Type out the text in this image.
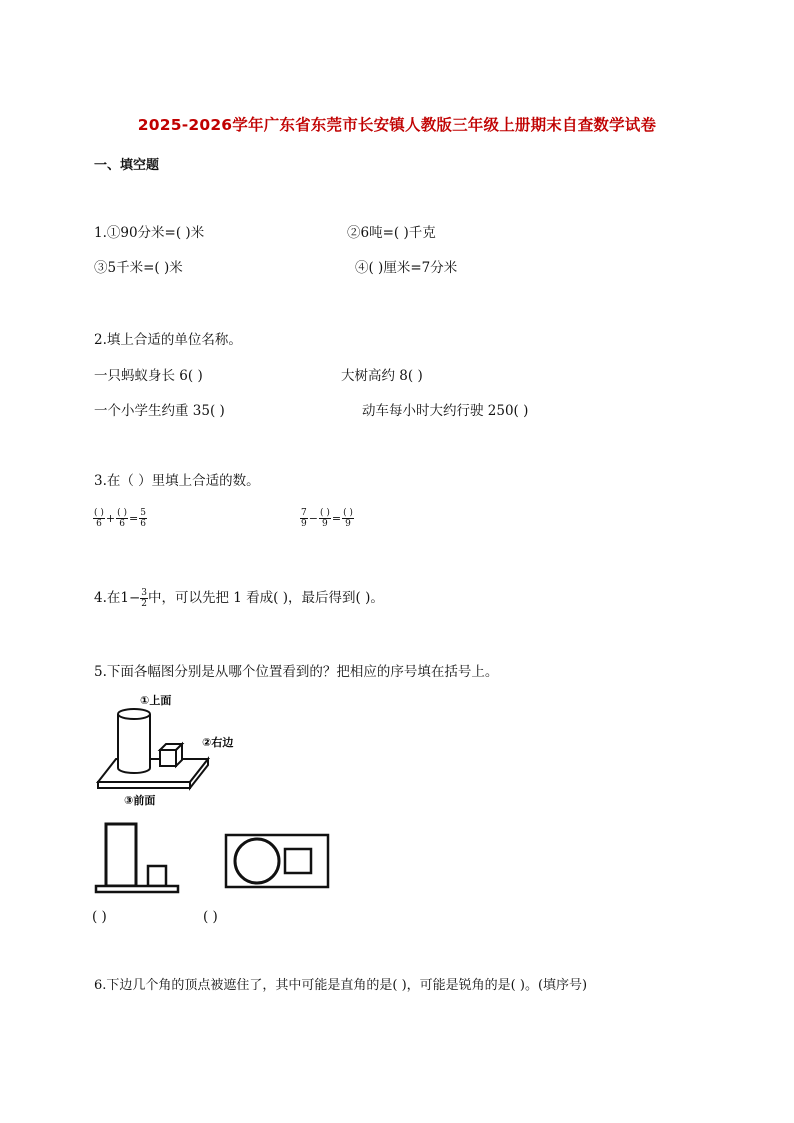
2025-2026学年广东省东莞市长安镇人教版三年级上册期末自查数学试卷
一、填空题
1.①90分米=( )米	②6吨=( )千克
③5千米=( )米	④( )厘米=7分米
2.填上合适的单位名称。
一只蚂蚁身长 6( )	大树高约 8( )
一个小学生约重 35( )	动车每小时大约行驶 250( )
3.在（ ）里填上合适的数。
$\frac{( )}{6} + \frac{( )}{6} = \frac{5}{6}$	$\frac{7}{9} - \frac{( )}{9} = \frac{( )}{9}$
4.在$1- \frac{3}{2}$ 中，可以先把 1 看成( )，最后得到( )。
5.下面各幅图分别是从哪个位置看到的？把相应的序号填在括号上。
①上面
②右边
③前面
( )	( )
6.下边几个角的顶点被遮住了，其中可能是直角的是( )，可能是锐角的是( )。(填序号)
